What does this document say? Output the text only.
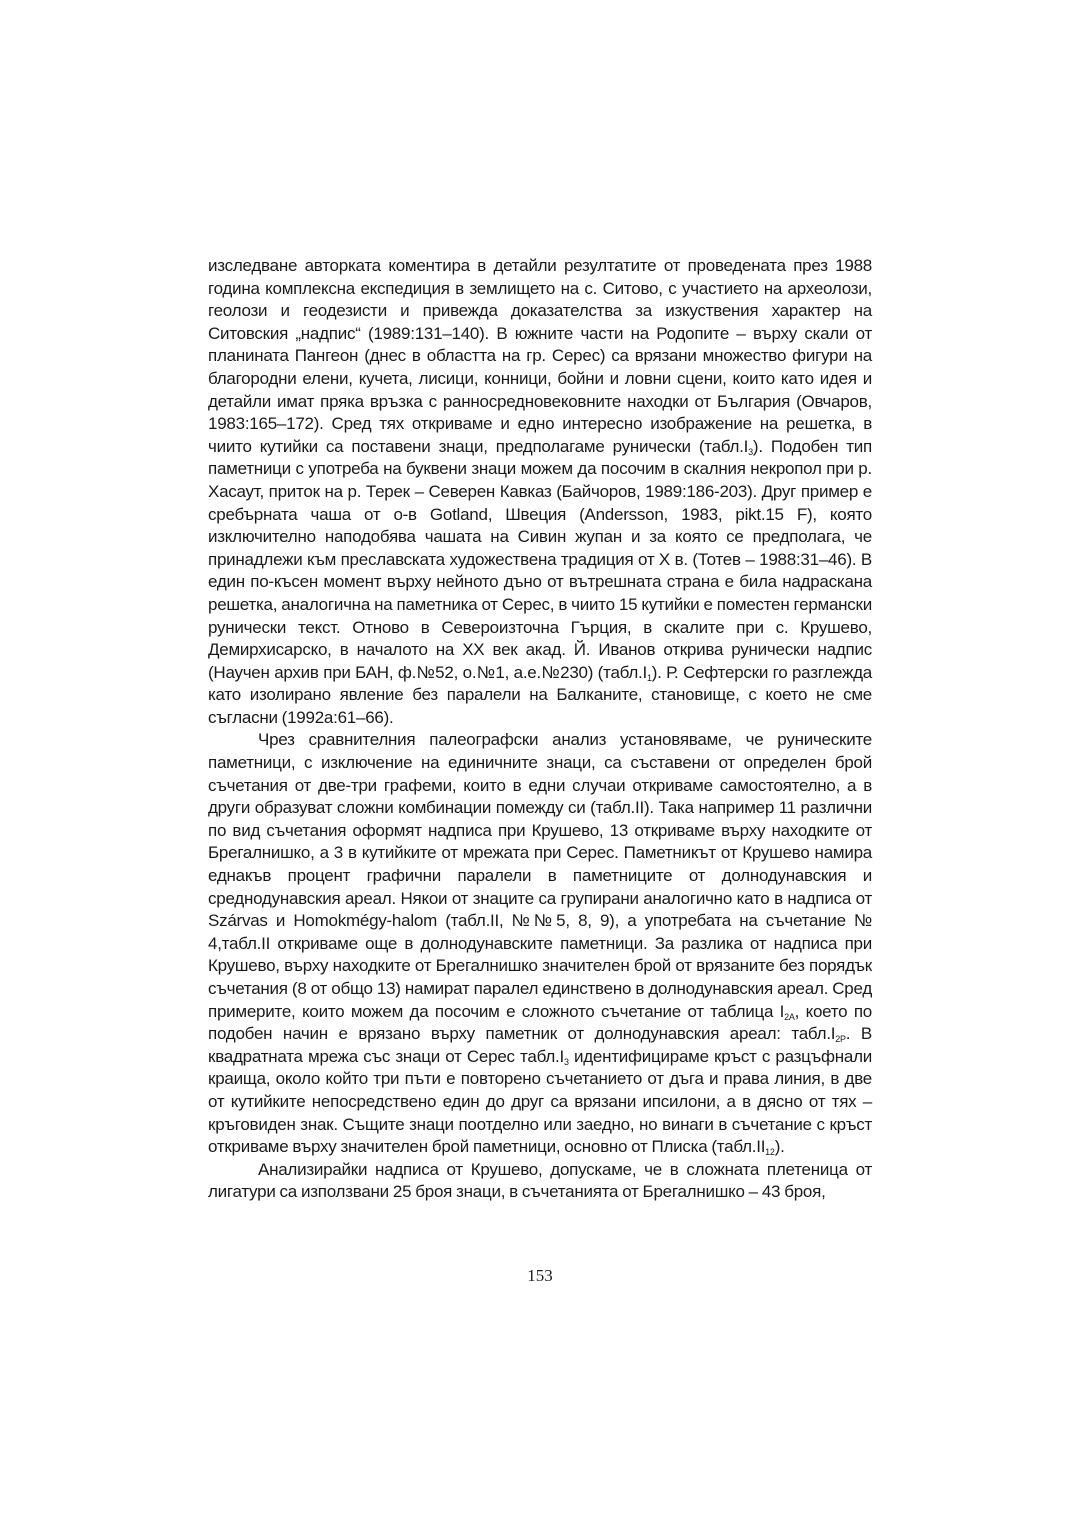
изследване авторката коментира в детайли резултатите от проведената през 1988 година комплексна експедиция в землището на с. Ситово, с участието на археолози, геолози и геодезисти и привежда доказателства за изкуствения характер на Ситовския „надпис“ (1989:131–140). В южните части на Родопите – върху скали от планината Пангеон (днес в областта на гр. Серес) са врязани множество фигури на благородни елени, кучета, лисици, конници, бойни и ловни сцени, които като идея и детайли имат пряка връзка с ранносредновековните находки от България (Овчаров, 1983:165–172). Сред тях откриваме и едно интересно изображение на решетка, в чиито кутийки са поставени знаци, предполагаме рунически $(табл.I_3)$. Подобен тип паметници с употреба на буквени знаци можем да посочим в скалния некропол при р. Хасаут, приток на р. Терек – Северен Кавказ (Байчоров, 1989:186-203). Друг пример е сребърната чаша от о-в Gotland, Швеция (Andersson, 1983, pikt.15 F), която изключително наподобява чашата на Сивин жупан и за която се предполага, че принадлежи към преславската художествена традиция от X в. (Тотев – 1988:31–46). В един по-късен момент върху нейното дъно от вътрешната страна е била надраскана решетка, аналогична на паметника от Серес, в чиито 15 кутийки е поместен германски рунически текст. Отново в Североизточна Гърция, в скалите при с. Крушево, Демирхисарско, в началото на XX век акад. Й. Иванов открива рунически надпис (Научен архив при БАН, ф.№52, о.№1, а.е.№230) $(табл.I_1)$. Р. Сефтерски го разглежда като изолирано явление без паралели на Балканите, становище, с което не сме съгласни (1992а:61–66).

Чрез сравнителния палеографски анализ установяваме, че руническите паметници, с изключение на единичните знаци, са съставени от определен брой съчетания от две-три графеми, които в едни случаи откриваме самостоятелно, а в други образуват сложни комбинации помежду си (табл.II). Така например 11 различни по вид съчетания оформят надписа при Крушево, 13 откриваме върху находките от Брегалнишко, а 3 в кутийките от мрежата при Серес. Паметникът от Крушево намира еднакъв процент графични паралели в паметниците от долнодунавския и среднодунавския ареал. Някои от знаците са групирани аналогично като в надписа от Szárvas и Homokmégy-halom (табл.II, №№5, 8, 9), а употребата на съчетание № 4,табл.II откриваме още в долнодунавските паметници. За разлика от надписа при Крушево, върху находките от Брегалнишко значителен брой от врязаните без порядък съчетания (8 от общо 13) намират паралел единствено в долнодунавския ареал. Сред примерите, които можем да посочим е сложното съчетание от таблица $I_{2А}$, което по подобен начин е врязано върху паметник от долнодунавския ареал: $табл.I_{2Р}$. В квадратната мрежа със знаци от Серес $табл.I_3$ идентифицираме кръст с разцъфнали краища, около който три пъти е повторено съчетанието от дъга и права линия, в две от кутийките непосредствено един до друг са врязани ипсилони, а в дясно от тях – кръговиден знак. Същите знаци поотделно или заедно, но винаги в съчетание с кръст откриваме върху значителен брой паметници, основно от Плиска $(табл.II_{12})$.

Анализирайки надписа от Крушево, допускаме, че в сложната плетеница от лигатури са използвани 25 броя знаци, в съчетанията от Брегалнишко – 43 броя,

153
